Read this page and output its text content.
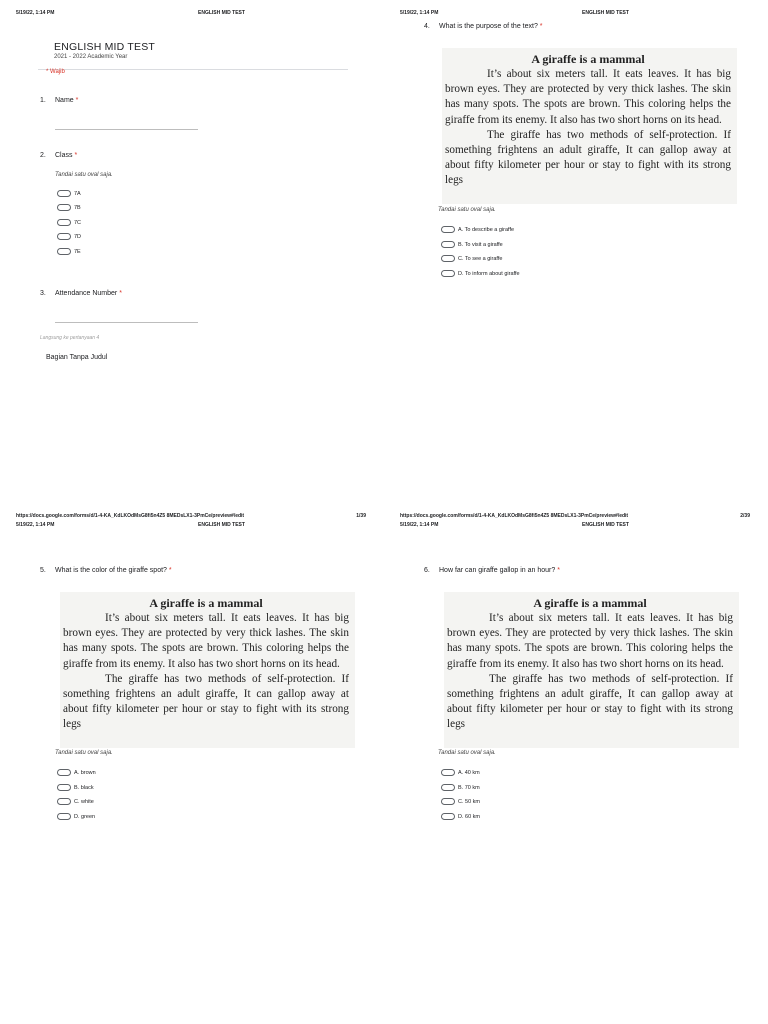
5/19/22, 1:14 PM	ENGLISH MID TEST
ENGLISH MID TEST
2021 - 2022 Academic Year
* Wajib
1. Name *
2. Class *
Tandai satu oval saja.
7A
7B
7C
7D
7E
3. Attendance Number *
Langsung ke pertanyaan 4
Bagian Tanpa Judul
https://docs.google.com/forms/d/1-4-KA_KdLKOdMsG8fi5n4Z5 8MEDsLX1-3PmCe/preview#/edit	1/39
5/19/22, 1:14 PM	ENGLISH MID TEST
4. What is the purpose of the text? *
A giraffe is a mammal
It’s about six meters tall. It eats leaves. It has big brown eyes. They are protected by very thick lashes. The skin has many spots. The spots are brown. This coloring helps the giraffe from its enemy. It also has two short horns on its head.
The giraffe has two methods of self-protection. If something frightens an adult giraffe, It can gallop away at about fifty kilometer per hour or stay to fight with its strong legs
Tandai satu oval saja.
A. To describe a giraffe
B. To visit a giraffe
C. To see a giraffe
D. To inform about giraffe
https://docs.google.com/forms/d/1-4-KA_KdLKOdMsG8fi5n4Z5 8MEDsLX1-3PmCe/preview#/edit	2/39
5/19/22, 1:14 PM	ENGLISH MID TEST
5. What is the color of the giraffe spot? *
A giraffe is a mammal
It’s about six meters tall. It eats leaves. It has big brown eyes. They are protected by very thick lashes. The skin has many spots. The spots are brown. This coloring helps the giraffe from its enemy. It also has two short horns on its head.
The giraffe has two methods of self-protection. If something frightens an adult giraffe, It can gallop away at about fifty kilometer per hour or stay to fight with its strong legs
Tandai satu oval saja.
A. brown
B. black
C. white
D. green
5/19/22, 1:14 PM	ENGLISH MID TEST
6. How far can giraffe gallop in an hour? *
A giraffe is a mammal
It’s about six meters tall. It eats leaves. It has big brown eyes. They are protected by very thick lashes. The skin has many spots. The spots are brown. This coloring helps the giraffe from its enemy. It also has two short horns on its head.
The giraffe has two methods of self-protection. If something frightens an adult giraffe, It can gallop away at about fifty kilometer per hour or stay to fight with its strong legs
Tandai satu oval saja.
A. 40 km
B. 70 km
C. 50 km
D. 60 km
